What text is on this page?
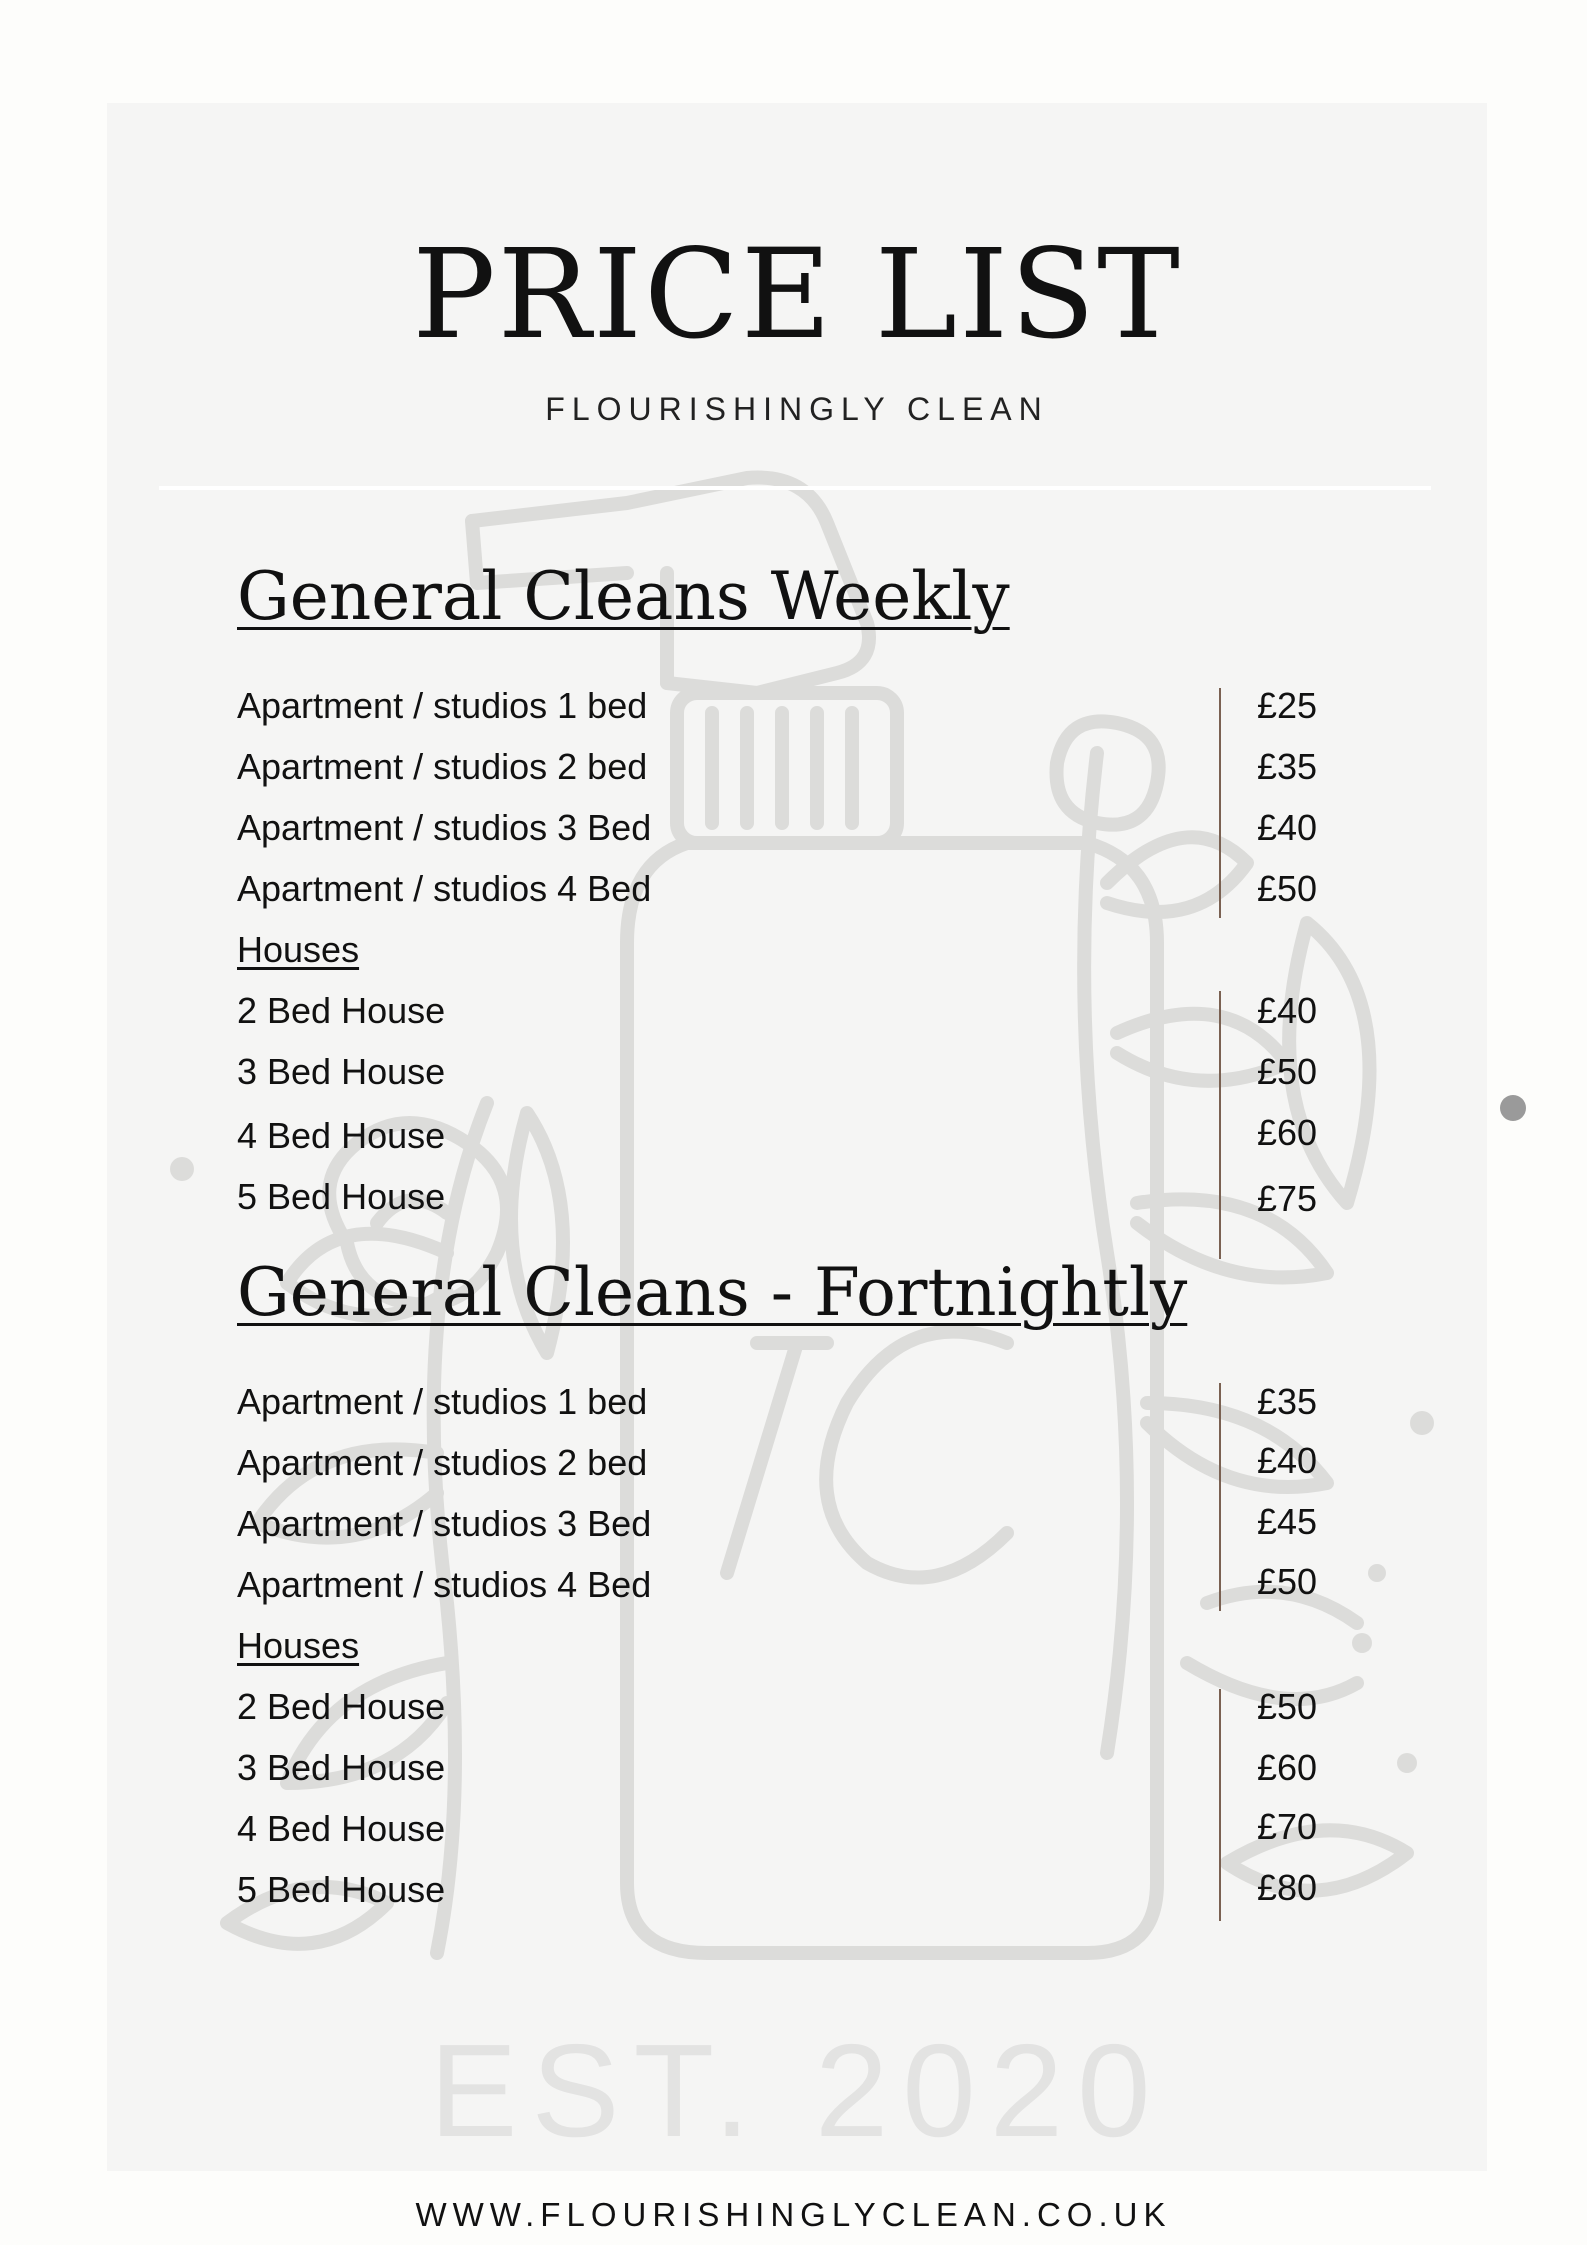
PRICE LIST
FLOURISHINGLY CLEAN
General Cleans Weekly
Apartment / studios 1 bed
Apartment / studios 2 bed
Apartment / studios 3 Bed
Apartment / studios 4 Bed
£25
£35
£40
£50
Houses
2 Bed House
3 Bed House
4 Bed House
5 Bed House
£40
£50
£60
£75
General Cleans - Fortnightly
Apartment / studios 1 bed
Apartment / studios 2 bed
Apartment / studios 3 Bed
Apartment / studios 4 Bed
£35
£40
£45
£50
Houses
2 Bed House
3 Bed House
4 Bed House
5 Bed House
£50
£60
£70
£80
EST. 2020
WWW.FLOURISHINGLYCLEAN.CO.UK
